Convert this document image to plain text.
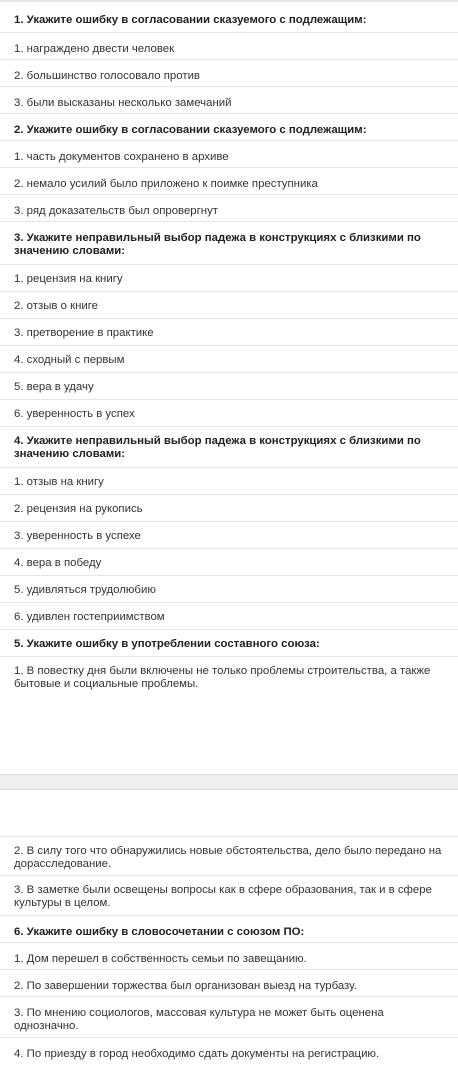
1. Укажите ошибку в согласовании сказуемого с подлежащим:
1. награждено двести человек
2. большинство голосовало против
3. были высказаны несколько замечаний
2. Укажите ошибку в согласовании сказуемого с подлежащим:
1. часть документов сохранено в архиве
2. немало усилий было приложено к поимке преступника
3. ряд доказательств был опровергнут
3. Укажите неправильный выбор падежа в конструкциях с близкими по значению словами:
1. рецензия на книгу
2. отзыв о книге
3. претворение в практике
4. сходный с первым
5. вера в удачу
6. уверенность в успех
4. Укажите неправильный выбор падежа в конструкциях с близкими по значению словами:
1. отзыв на книгу
2. рецензия на рукопись
3. уверенность в успехе
4. вера в победу
5. удивляться трудолюбию
6. удивлен гостеприимством
5. Укажите ошибку в употреблении составного союза:
1. В повестку дня были включены не только проблемы строительства, а также бытовые и социальные проблемы.
2. В силу того что обнаружились новые обстоятельства, дело было передано на дорасследование.
3. В заметке были освещены вопросы как в сфере образования, так и в сфере культуры в целом.
6. Укажите ошибку в словосочетании с союзом ПО:
1. Дом перешел в собственность семьи по завещанию.
2. По завершении торжества был организован выезд на турбазу.
3. По мнению социологов, массовая культура не может быть оценена однозначно.
4. По приезду в город необходимо сдать документы на регистрацию.
